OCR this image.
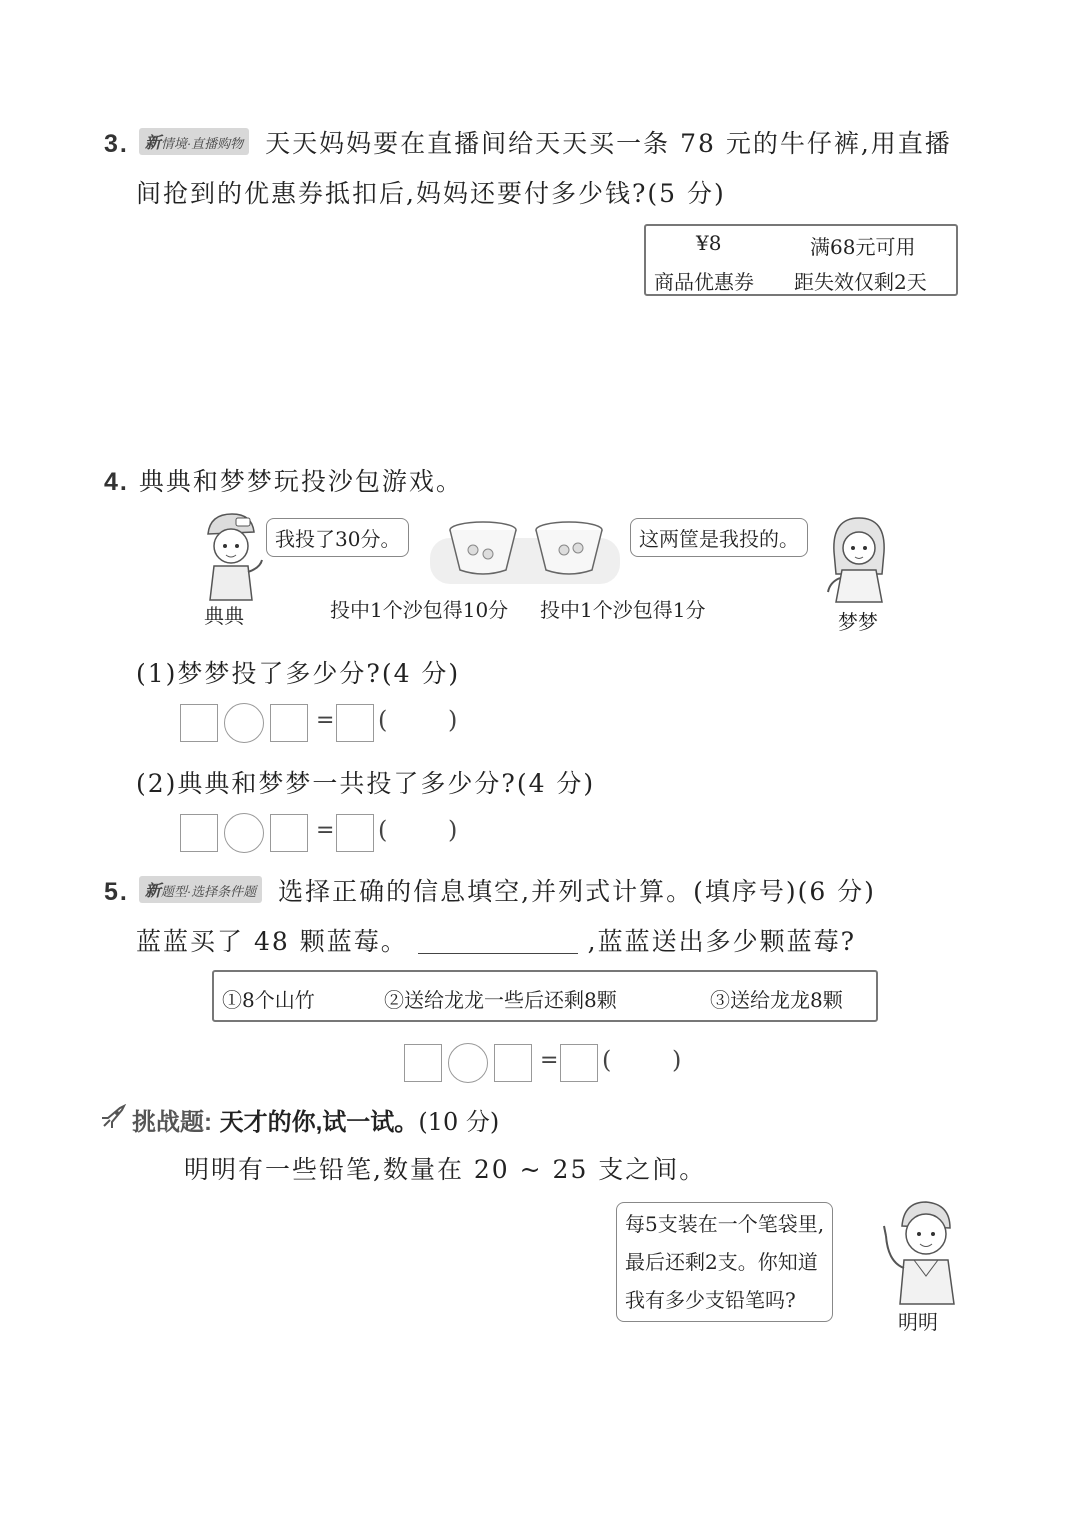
3. 新情境·直播购物 天天妈妈要在直播间给天天买一条 78 元的牛仔裤,用直播
间抢到的优惠券抵扣后,妈妈还要付多少钱?(5 分)
¥8	满68元可用
商品优惠券 距失效仅剩2天
4. 典典和梦梦玩投沙包游戏。
典典
我投了30分。
投中1个沙包得10分 投中1个沙包得1分
这两筐是我投的。
梦梦
(1)梦梦投了多少分?(4 分)
= (	)
(2)典典和梦梦一共投了多少分?(4 分)
= (	)
5. 新题型·选择条件题 选择正确的信息填空,并列式计算。(填序号)(6 分)
蓝蓝买了 48 颗蓝莓。	,蓝蓝送出多少颗蓝莓?
①8个山竹	②送给龙龙一些后还剩8颗	③送给龙龙8颗
= (	)
挑战题: 天才的你,试一试。(10 分)
明明有一些铅笔,数量在 20 ~ 25 支之间。
每5支装在一个笔袋里,
最后还剩2支。你知道
我有多少支铅笔吗?
明明
